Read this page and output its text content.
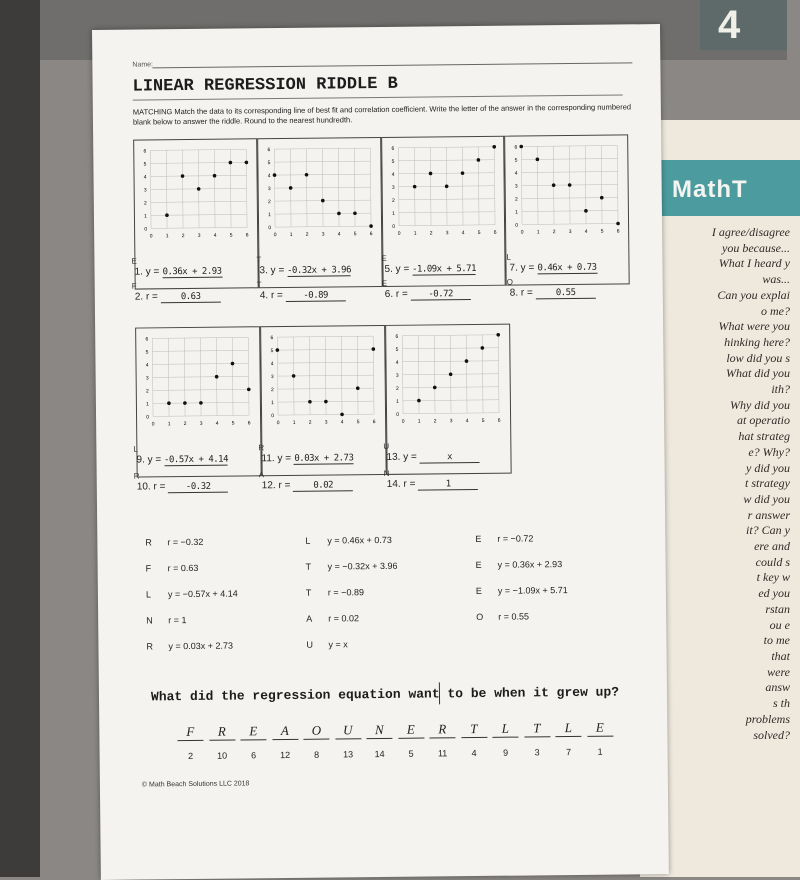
MathT
4
I agree/disagree
you because...
What I heard y
was...
Can you explai
o me?
What were you
hinking here?
low did you s
What did you
ith?
Why did you
at operatio
hat strateg
e? Why?
y did you
t strategy
w did you
r answer
it? Can y
ere and
could s
t key w
ed you
rstan
ou e
to me
that
were
answ
s th
problems
solved?
Name:
LINEAR REGRESSION RIDDLE B
MATCHING Match the data to its corresponding line of best fit and correlation coefficient. Write the letter of the answer in the corresponding numbered blank below to answer the riddle. Round to the nearest hundredth.
0	1	2	3	4	5	6
0
1
2
3
4
5
6
0	1	2	3	4	5	6
0
1
2
3
4
5
6
0	1	2	3	4	5	6
0
1
2
3
4
5
6
0	1	2	3	4	5	6
0
1
2
3
4
5
6
E
1. y = 0.36x + 2.93
T
3. y = -0.32x + 3.96
E
5. y = -1.09x + 5.71
L
7. y = 0.46x + 0.73
F
2. r =	0.63
T
4. r = -0.89
E
6. r = -0.72
O
8. r =	0.55
0	1	2	3	4	5	6
0
1
2
3
4
5
6
0	1	2	3	4	5	6
0
1
2
3
4
5
6
0	1	2	3	4	5	6
0
1
2
3
4
5
6
L
9. y = -0.57x + 4.14
R
11. y = 0.03x + 2.73
U
13. y =	x
R
10. r = -0.32
A
12. r =	0.02
N
14. r =	1
R r = −0.32	L y = 0.46x + 0.73	E r = −0.72
F r = 0.63	T y = −0.32x + 3.96	E y = 0.36x + 2.93
L y = −0.57x + 4.14	T r = −0.89	E y = −1.09x + 5.71
N r = 1	A r = 0.02	O r = 0.55
R y = 0.03x + 2.73	U y = x
What did the regression equation want to be when it grew up?
F
2
R
10
E
6
A
12
O
8
U
13
N
14
E
5
R
11
T
4
L
9
T
3
L
7
E
1
© Math Beach Solutions LLC 2018
